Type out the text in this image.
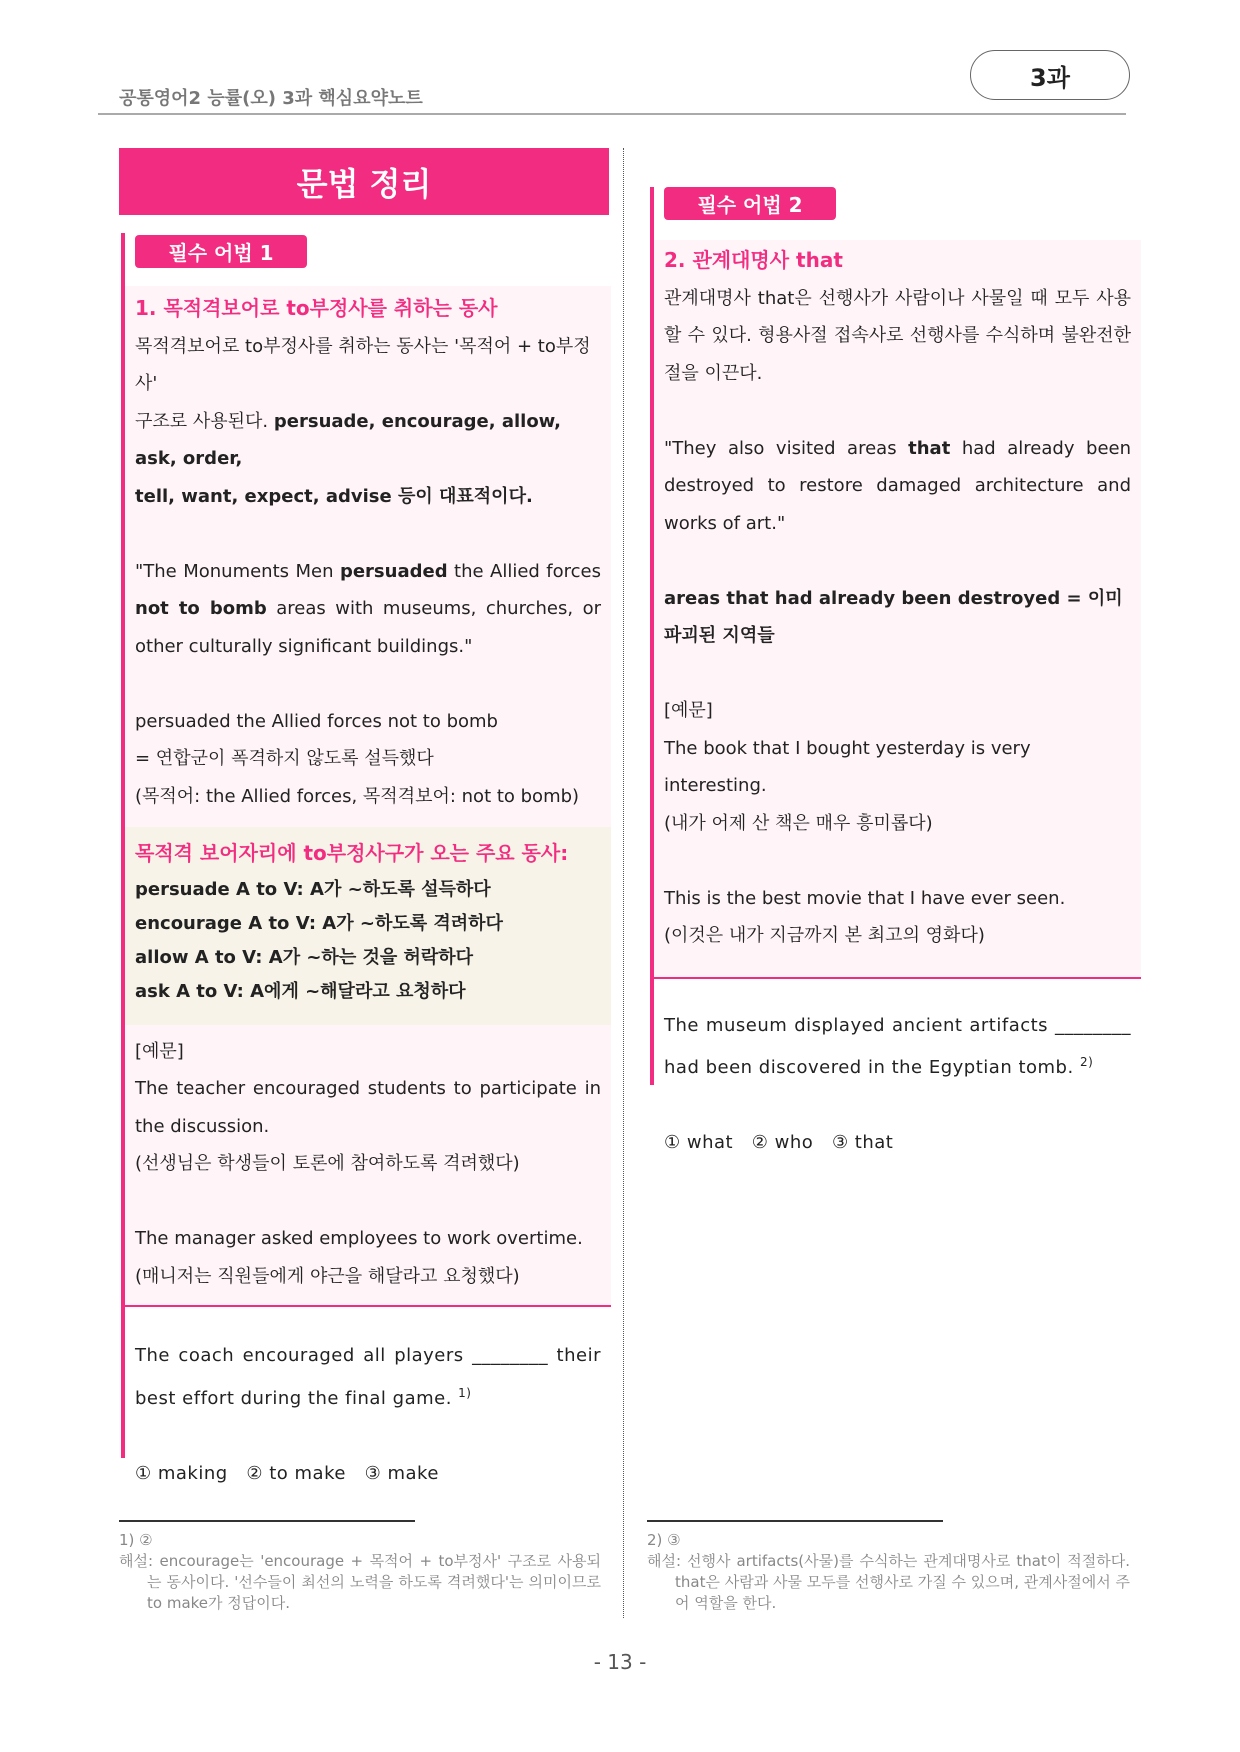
공통영어2 능률(오) 3과 핵심요약노트
3과
문법 정리
필수 어법 1
1. 목적격보어로 to부정사를 취하는 동사
목적격보어로 to부정사를 취하는 동사는 '목적어 + to부정사'
구조로 사용된다. persuade, encourage, allow, ask, order,
tell, want, expect, advise 등이 대표적이다.
"The Monuments Men persuaded the Allied forces not to bomb areas with museums, churches, or other culturally significant buildings."
persuaded the Allied forces not to bomb
= 연합군이 폭격하지 않도록 설득했다
(목적어: the Allied forces, 목적격보어: not to bomb)
목적격 보어자리에 to부정사구가 오는 주요 동사:
persuade A to V: A가 ~하도록 설득하다
encourage A to V: A가 ~하도록 격려하다
allow A to V: A가 ~하는 것을 허락하다
ask A to V: A에게 ~해달라고 요청하다
[예문]
The teacher encouraged students to participate in the discussion.
(선생님은 학생들이 토론에 참여하도록 격려했다)
The manager asked employees to work overtime.
(매니저는 직원들에게 야근을 해달라고 요청했다)
The coach encouraged all players ________ their best effort during the final game. $^{1)}$
① making ② to make ③ make
필수 어법 2
2. 관계대명사 that
관계대명사 that은 선행사가 사람이나 사물일 때 모두 사용할 수 있다. 형용사절 접속사로 선행사를 수식하며 불완전한 절을 이끈다.
"They also visited areas that had already been destroyed to restore damaged architecture and works of art."
areas that had already been destroyed = 이미 파괴된 지역들
[예문]
The book that I bought yesterday is very interesting.
(내가 어제 산 책은 매우 흥미롭다)
This is the best movie that I have ever seen.
(이것은 내가 지금까지 본 최고의 영화다)
The museum displayed ancient artifacts ________ had been discovered in the Egyptian tomb. $^{2)}$
① what ② who ③ that
1) ②
해설: encourage는 'encourage + 목적어 + to부정사' 구조로 사용되는 동사이다. '선수들이 최선의 노력을 하도록 격려했다'는 의미이므로 to make가 정답이다.
2) ③
해설: 선행사 artifacts(사물)를 수식하는 관계대명사로 that이 적절하다. that은 사람과 사물 모두를 선행사로 가질 수 있으며, 관계사절에서 주어 역할을 한다.
- 13 -
